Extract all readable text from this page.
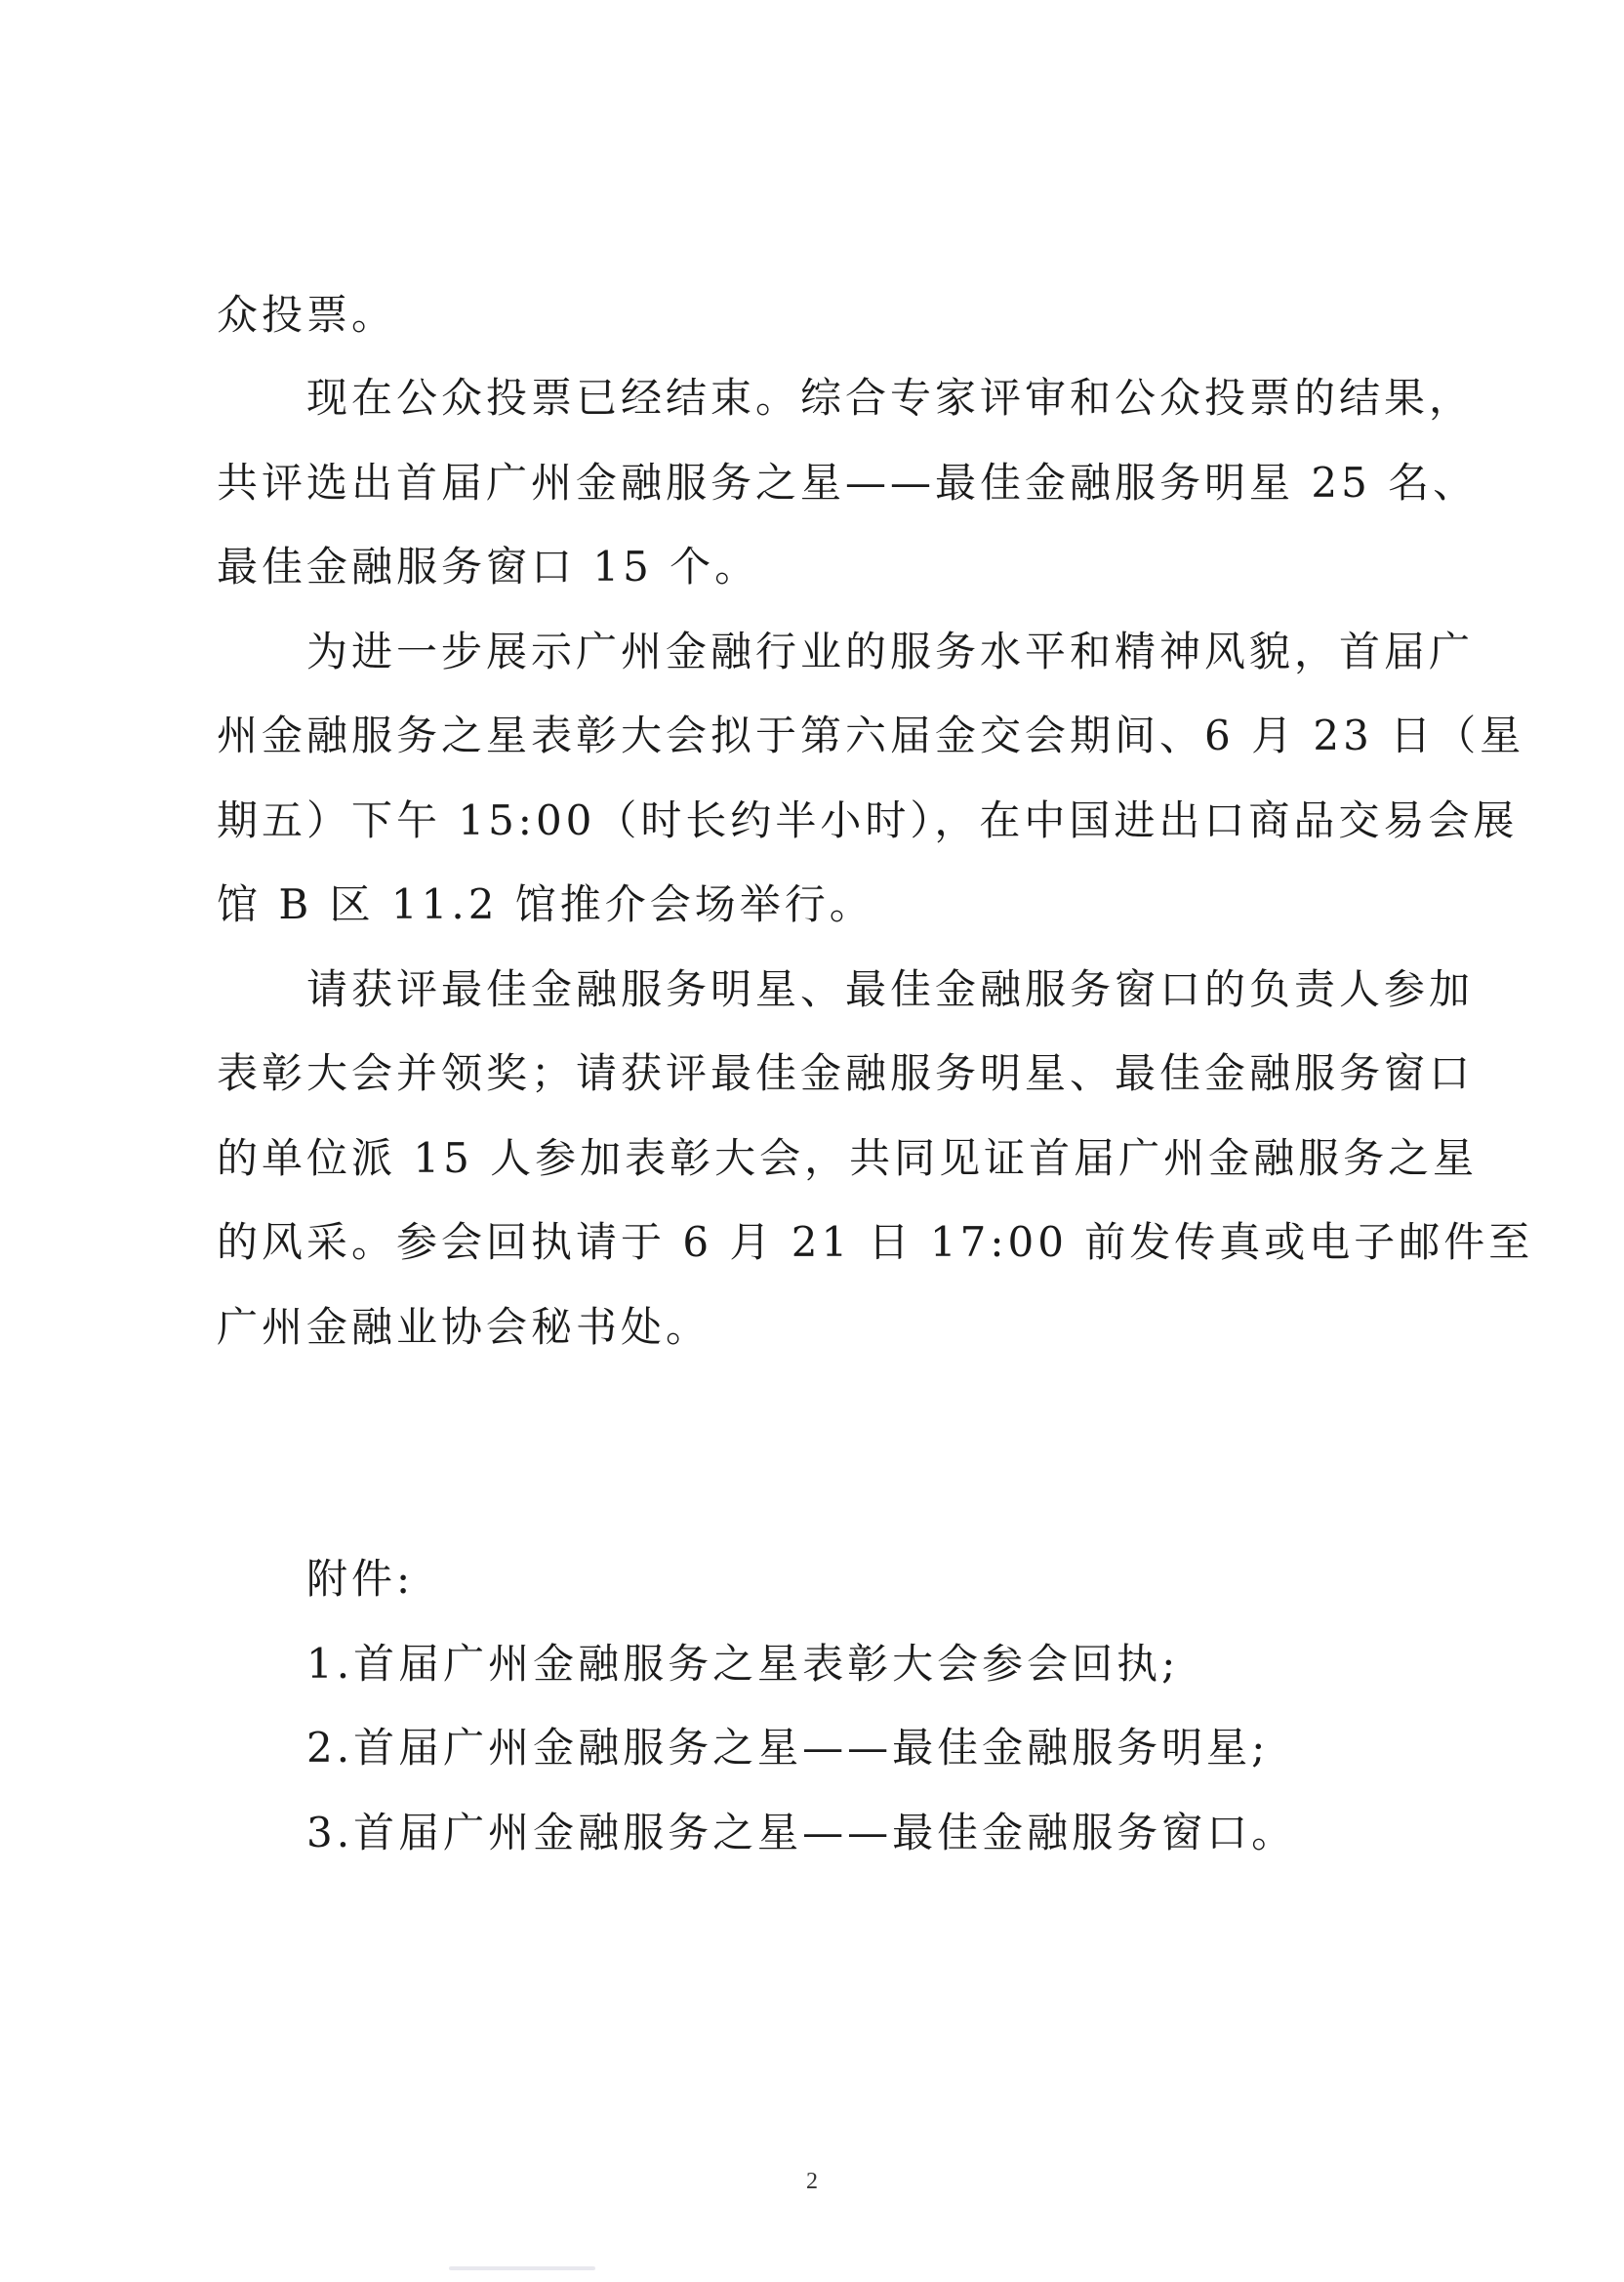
众投票。
现在公众投票已经结束。综合专家评审和公众投票的结果，
共评选出首届广州金融服务之星——最佳金融服务明星 25 名、
最佳金融服务窗口 15 个。
为进一步展示广州金融行业的服务水平和精神风貌，首届广
州金融服务之星表彰大会拟于第六届金交会期间、6 月 23 日（星
期五）下午 15:00（时长约半小时），在中国进出口商品交易会展
馆 B 区 11.2 馆推介会场举行。
请获评最佳金融服务明星、最佳金融服务窗口的负责人参加
表彰大会并领奖；请获评最佳金融服务明星、最佳金融服务窗口
的单位派 15 人参加表彰大会，共同见证首届广州金融服务之星
的风采。参会回执请于 6 月 21 日 17:00 前发传真或电子邮件至
广州金融业协会秘书处。
附件:
1.首届广州金融服务之星表彰大会参会回执;
2.首届广州金融服务之星——最佳金融服务明星;
3.首届广州金融服务之星——最佳金融服务窗口。
2
